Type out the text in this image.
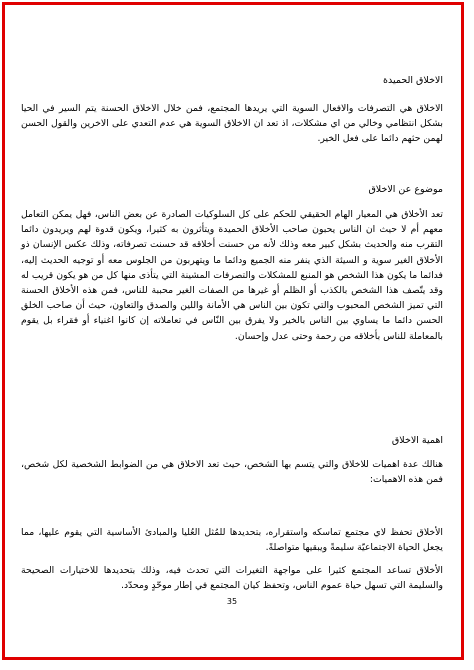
الاخلاق الحميدة
الاخلاق هي التصرفات والافعال السوية التي يريدها المجتمع، فمن خلال الاخلاق الحسنة يتم السير في الحيا بشكل انتظامي وخالي من اي مشكلات، اذ تعد ان الاخلاق السوية هي عدم التعدي على الاخرين والقول الحسن لهمن حثهم دائما على فعل الخير.
موضوع عن الاخلاق
تعد الأخلاق هي المعيار الهام الحقيقي للحكم على كل السلوكيات الصادرة عن بعض الناس، فهل يمكن التعامل معهم أم لا حيث ان الناس يحبون صاحب الأخلاق الحميدة ويتأثرون به كثيرا، ويكون قدوة لهم ويريدون دائما التقرب منه والحديث بشكل كبير معه وذلك لأنه من حسنت أخلاقه قد حسنت تصرفاته، وذلك عكس الإنسان ذو الأخلاق الغير سوية و السيئة الذي ينفر منه الجميع ودائما ما ويتهربون من الجلوس معه أو توجيه الحديث إليه، فدائما ما يكون هذا الشخص هو المنبع للمشكلات والتصرفات المشينة التي يتأذى منها كل من هو يكون قريب له وقد يتّصف هذا الشخص بالكذب أو الظلم أو غيرها من الصفات الغير محببة للناس، فمن هذه الأخلاق الحسنة التي تميز الشخص المحبوب والتي تكون بين الناس هي الأمانة واللين والصدق والتعاون، حيث أن صاحب الخلق الحسن دائما ما يساوي بين الناس بالخير ولا يفرق بين النّاس في تعاملاته إن كانوا اغنياء أو فقراء بل يقوم بالمعاملة للناس بأخلاقه من رحمة وحتى عدل وإحسان.
اهمية الاخلاق
هنالك عدة اهميات للاخلاق والتي يتسم بها الشخص، حيث تعد الاخلاق هي من الضوابط الشخصية لكل شخص، فمن هذه الاهميات:
الأخلاق تحفظ لاي مجتمع تماسكه واستقراره، بتحديدها للمُثل العُليا والمبادئ الأساسية التي يقوم عليها، مما يجعل الحياة الاجتماعيّة سليمةً ويبقيها متواصلةً.
الأخلاق تساعد المجتمع كثيرا على مواجهة التغيرات التي تحدث فيه، وذلك بتحديدها للاختيارات الصحيحة والسليمة التي تسهل حياة عموم الناس، وتحفظ كيان المجتمع في إطار موحّدٍ ومحدّد.
35
